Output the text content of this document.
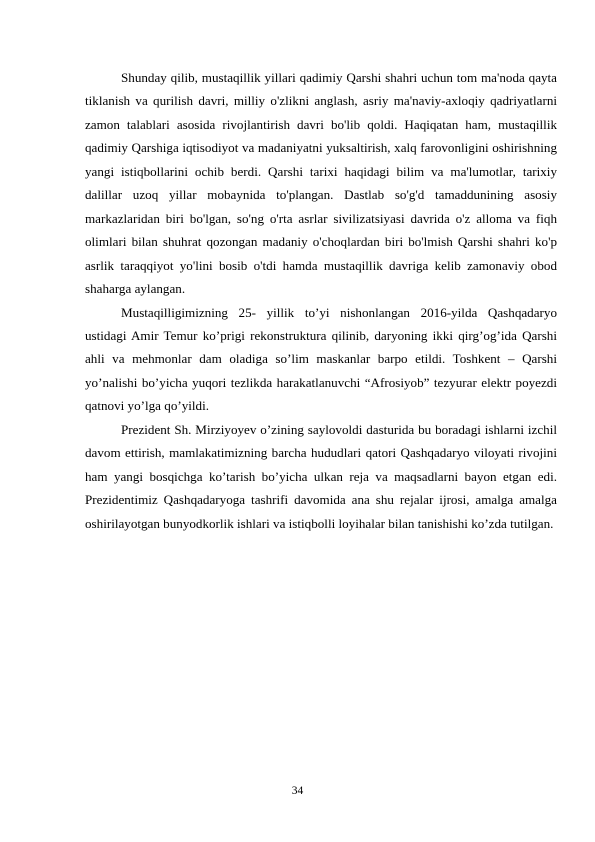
Shunday qilib, mustaqillik yillari qadimiy Qarshi shahri uchun tom ma'noda qayta tiklanish va qurilish davri, milliy o'zlikni anglash, asriy ma'naviy-axloqiy qadriyatlarni zamon talablari asosida rivojlantirish davri bo'lib qoldi. Haqiqatan ham, mustaqillik qadimiy Qarshiga iqtisodiyot va madaniyatni yuksaltirish, xalq farovonligini oshirishning yangi istiqbollarini ochib berdi. Qarshi tarixi haqidagi bilim va ma'lumotlar, tarixiy dalillar uzoq yillar mobaynida to'plangan. Dastlab so'g'd tamaddunining asosiy markazlaridan biri bo'lgan, so'ng o'rta asrlar sivilizatsiyasi davrida o'z alloma va fiqh olimlari bilan shuhrat qozongan madaniy o'choqlardan biri bo'lmish Qarshi shahri ko'p asrlik taraqqiyot yo'lini bosib o'tdi hamda mustaqillik davriga kelib zamonaviy obod shaharga aylangan.

Mustaqilligimizning 25- yillik to’yi nishonlangan 2016-yilda Qashqadaryo ustidagi Amir Temur ko’prigi rekonstruktura qilinib, daryoning ikki qirg’og’ida Qarshi ahli va mehmonlar dam oladiga so’lim maskanlar barpo etildi. Toshkent – Qarshi yo’nalishi bo’yicha yuqori tezlikda harakatlanuvchi “Afrosiyob” tezyurar elektr poyezdi qatnovi yo’lga qo’yildi.

Prezident Sh. Mirziyoyev o’zining saylovoldi dasturida bu boradagi ishlarni izchil davom ettirish, mamlakatimizning barcha hududlari qatori Qashqadaryo viloyati rivojini ham yangi bosqichga ko’tarish bo’yicha ulkan reja va maqsadlarni bayon etgan edi. Prezidentimiz Qashqadaryoga tashrifi davomida ana shu rejalar ijrosi, amalga amalga oshirilayotgan bunyodkorlik ishlari va istiqbolli loyihalar bilan tanishishi ko’zda tutilgan.

34
